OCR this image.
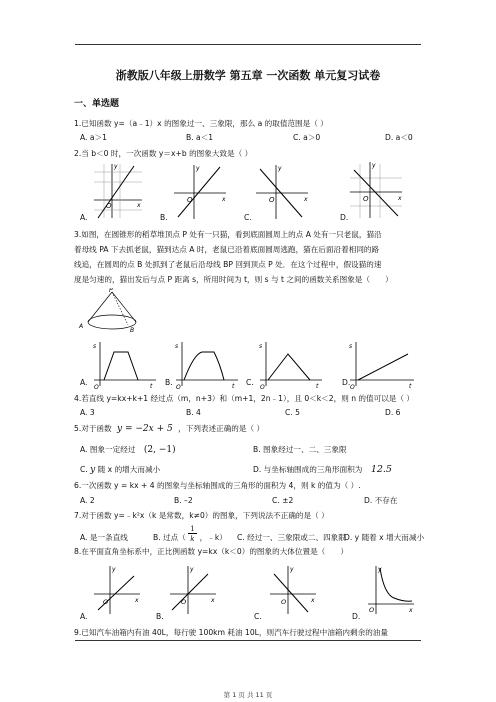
浙教版八年级上册数学 第五章 一次函数 单元复习试卷
一、单选题
1.已知函数 y=（a﹣1）x 的图象过一、三象限，那么 a 的取值范围是（ ）
A. a＞1	B. a＜1	C. a＞0	D. a＜0
2.当 b＜0 时，一次函数 y＝x+b 的图象大致是（ ）
O	x
y
A.
O	x
y
B.
O	x
y
C.
O	x
y
D.
3.如图，在圆锥形的稻草堆顶点 P 处有一只猫，看到底面圆周上的点 A 处有一只老鼠，猫沿
着母线 PA 下去抓老鼠，猫到达点 A 时，老鼠已沿着底面圆周逃跑，猫在后面沿着相同的路
线追，在圆周的点 B 处抓到了老鼠后沿母线 BP 回到顶点 P 处．在这个过程中，假设猫的速
度是匀速的，猫出发后与点 P 距离 s，所用时间为 t，则 s 与 t 之间的函数关系图象是（　　）
P
A
B
O	t
s
A.
O	t
s
B.
O	t
s
C.
O	t
s
D.
4.若直线 y=kx+k+1 经过点（m，n+3）和（m+1，2n﹣1），且 0＜k＜2，则 n 的值可以是（ ）
A. 3	B. 4	C. 5	D. 6
5.对于函数 y = −2x + 5 ，下列表述正确的是（ ）
A. 图象一定经过 (2, −1)	B. 图象经过一、二、三象限
C. y 随 x 的增大而减小	D. 与坐标轴围成的三角形面积为 12.5
6.一次函数 y = kx + 4 的图象与坐标轴围成的三角形的面积为 4，则 k 的值为（ ）.
A. 2	B. –2	C. ±2	D. 不存在
7.对于函数 y=﹣k²x（k 是常数，k≠0）的图象，下列说法不正确的是（ ）
A. 是一条直线	B. 过点（ $\frac{1}{k}$ ，﹣k） C. 经过一、三象限或二、四象限
D. y 随着 x 增大而减小
8.在平面直角坐标系中，正比例函数 y=kx（k＜0）的图象的大体位置是（　　）
O	x
y
A.
O	x
y
B.
O	x
y
C.
O	x
y
D.
9.已知汽车油箱内有油 40L，每行驶 100km 耗油 10L，则汽车行驶过程中油箱内剩余的油量
第 1 页 共 11 页
